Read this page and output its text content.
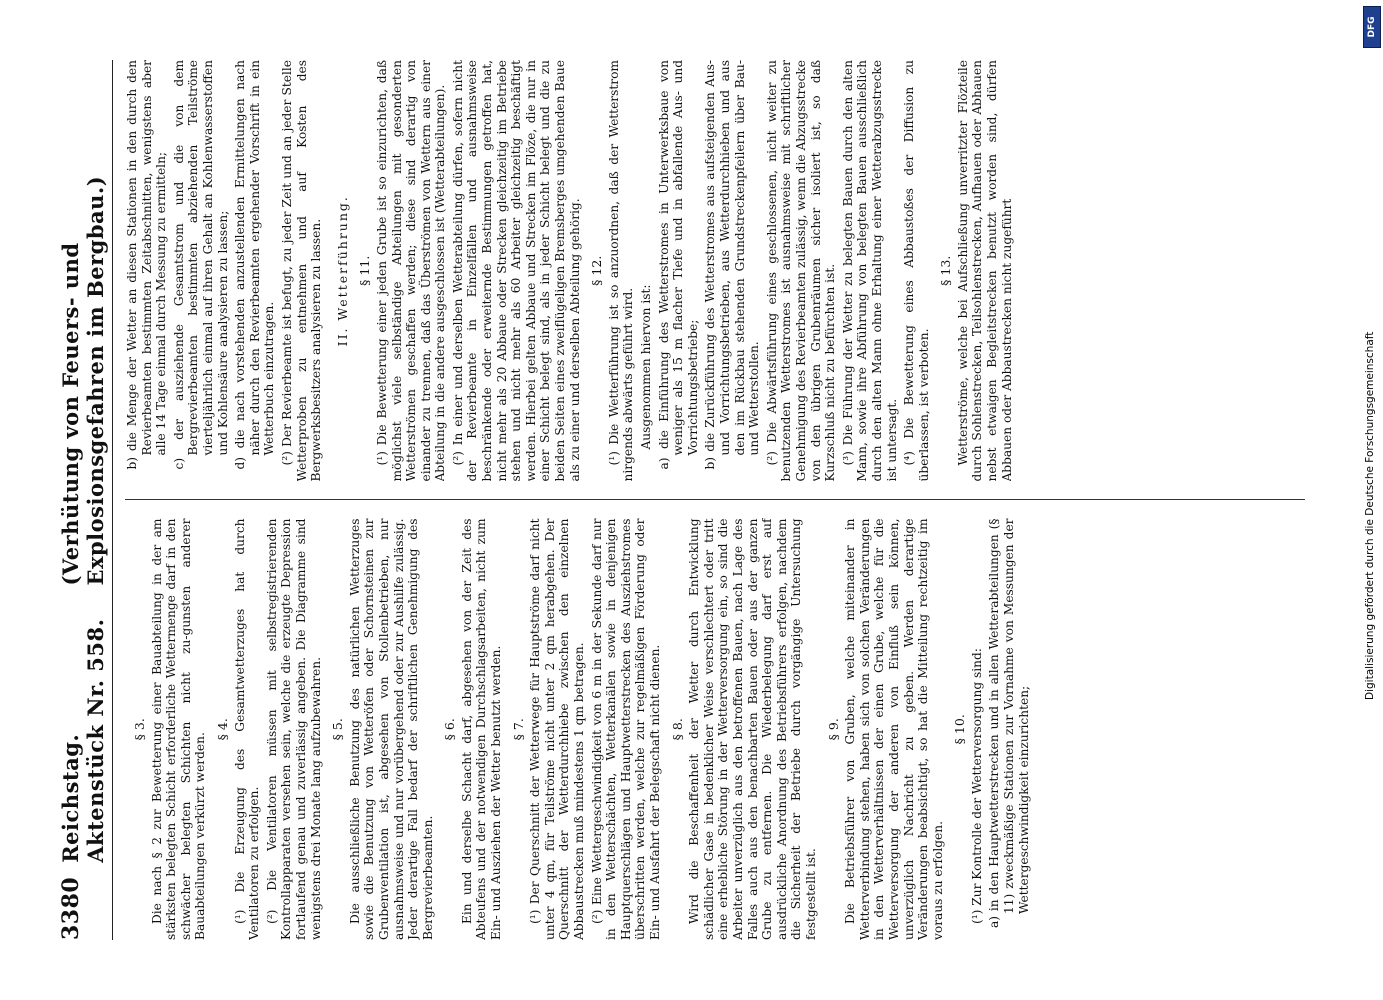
3380
Reichstag. Aktenstück Nr. 558.
(Verhütung von Feuers- und Explosionsgefahren im Bergbau.)
§ 3. Die nach § 2 zur Bewetterung einer Bauabteilung in der am stärksten belegten Schicht erforderliche Wettermenge darf in den schwächer belegten Schichten nicht zu-gunsten anderer Bauabteilungen verkürzt werden.

§ 4. (¹) Die Erzeugung des Gesamtwetterzuges hat durch Ventilatoren zu erfolgen. (²) Die Ventilatoren müssen mit selbstregistrierenden Kontrollapparaten versehen sein, welche die erzeugte Depression fortlaufend genau und zuverlässig angeben. Die Diagramme sind wenigstens drei Monate lang aufzubewahren. § 5. Die ausschließliche Benutzung des natürlichen Wetterzuges sowie die Benutzung von Wetteröfen oder Schornsteinen zur Grubenventilation ist, abgesehen von Stollenbetrieben, nur ausnahmsweise und nur vorübergehend oder zur Aushilfe zulässig. Jeder derartige Fall bedarf der schriftlichen Genehmigung des Bergrevierbeamten.

§ 6. Ein und derselbe Schacht darf, abgesehen von der Zeit des Abteufens und der notwendigen Durchschlagsarbeiten, nicht zum Ein- und Ausziehen der Wetter benutzt werden. § 7. (¹) Der Querschnitt der Wetterwege für Hauptströme darf nicht unter 4 qm, für Teilströme nicht unter 2 qm herabgehen. Der Querschnitt der Wetterdurchhiebe zwischen den einzelnen Abbaustrecken muß mindestens 1 qm betragen. (²) Eine Wettergeschwindigkeit von 6 m in der Sekunde darf nur in den Wetterschächten, Wetterkanälen sowie in denjenigen Hauptquerschlägen und Hauptwetterstrecken des Ausziehstromes überschritten werden, welche zur regelmäßigen Förderung oder Ein- und Ausfahrt der Belegschaft nicht dienen. § 8. Wird die Beschaffenheit der Wetter durch Entwicklung schädlicher Gase in bedenklicher Weise verschlechtert oder tritt eine erhebliche Störung in der Wetterversorgung ein, so sind die Arbeiter unverzüglich aus den betroffenen Bauen, nach Lage des Falles auch aus den benachbarten Bauen oder aus der ganzen Grube zu entfernen. Die Wiederbelegung darf erst auf ausdrückliche Anordnung des Betriebsführers erfolgen, nachdem die Sicherheit der Betriebe durch vorgängige Untersuchung festgestellt ist.

§ 9. Die Betriebsführer von Gruben, welche miteinander in Wetterverbindung stehen, haben sich von solchen Veränderungen in den Wetterverhältnissen der einen Grube, welche für die Wetterversorgung der anderen von Einfluß sein können, unverzüglich Nachricht zu geben. Werden derartige Veränderungen beabsichtigt, so hat die Mitteilung rechtzeitig im voraus zu erfolgen.

§ 10. (¹) Zur Kontrolle der Wetterversorgung sind: a) in den Hauptwetterstrecken und in allen Wetterabteilungen (§ 11) zweckmäßige Stationen zur Vornahme von Messungen der Wettergeschwindigkeit einzurichten;

b) die Menge der Wetter an diesen Stationen in den durch den Revierbeamten bestimmten Zeitabschnitten, wenigstens aber alle 14 Tage einmal durch Messung zu ermitteln; c) der ausziehende Gesamtstrom und die von dem Bergrevierbeamten bestimmten abziehenden Teilströme vierteljährlich einmal auf ihren Gehalt an Kohlenwasserstoffen und Kohlensäure analysieren zu lassen; d) die nach vorstehenden anzustellenden Ermittelungen nach näher durch den Revierbeamten ergehender Vorschrift in ein Wetterbuch einzutragen. (²) Der Revierbeamte ist befugt, zu jeder Zeit und an jeder Stelle Wetterproben zu entnehmen und auf Kosten des Bergwerksbesitzers analysieren zu lassen. II. Wetterführung. § 11. (¹) Die Bewetterung einer jeden Grube ist so einzurichten, daß möglichst viele selbständige Abteilungen mit gesonderten Wetterströmen geschaffen werden; diese sind derartig von einander zu trennen, daß das Überströmen von Wettern aus einer Abteilung in die andere ausgeschlossen ist (Wetterabteilungen). (²) In einer und derselben Wetterabteilung dürfen, sofern nicht der Revierbeamte in Einzelfällen und ausnahmsweise beschränkende oder erweiternde Bestimmungen getroffen hat, nicht mehr als 20 Abbaue oder Strecken gleichzeitig im Betriebe stehen und nicht mehr als 60 Arbeiter gleichzeitig beschäftigt werden. Hierbei gelten Abbaue und Strecken im Flöze, die nur in einer Schicht belegt sind, als in jeder Schicht belegt und die zu beiden Seiten eines zweiflügeligen Bremsberges umgehenden Baue als zu einer und derselben Abteilung gehörig. § 12. (¹) Die Wetterführung ist so anzuordnen, daß der Wetterstrom nirgends abwärts geführt wird. Ausgenommen hiervon ist: a) die Einführung des Wetterstromes in Unterwerksbaue von weniger als 15 m flacher Tiefe und in abfallende Aus- und Vorrichtungsbetriebe; b) die Zurückführung des Wetterstromes aus aufsteigenden Aus- und Vorrichtungsbetrieben, aus Wetterdurchhieben und aus den im Rückbau stehenden Grundstreckenpfeilern über Bau- und Wetterstollen. (²) Die Abwärtsführung eines geschlossenen, nicht weiter zu benutzenden Wetterstromes ist ausnahmsweise mit schriftlicher Genehmigung des Revierbeamten zulässig, wenn die Abzugsstrecke von den übrigen Grubenräumen sicher isoliert ist, so daß Kurzschluß nicht zu befürchten ist. (³) Die Führung der Wetter zu belegten Bauen durch den alten Mann, sowie ihre Abführung von belegten Bauen ausschließlich durch den alten Mann ohne Erhaltung einer Wetterabzugsstrecke ist untersagt. (⁴) Die Bewetterung eines Abbaustoßes der Diffusion zu überlassen, ist verboten.

§ 13. Wetterströme, welche bei Aufschließung unverritzter Flözteile durch Sohlenstrecken, Teilsohlenstrecken, Aufhauen oder Abhauen nebst etwaigen Begleitstrecken benutzt worden sind, dürfen Abbauen oder Abbaustrecken nicht zugeführt	Digitalisierung gefördert durch die Deutsche Forschungsgemeinschaft
DFG
